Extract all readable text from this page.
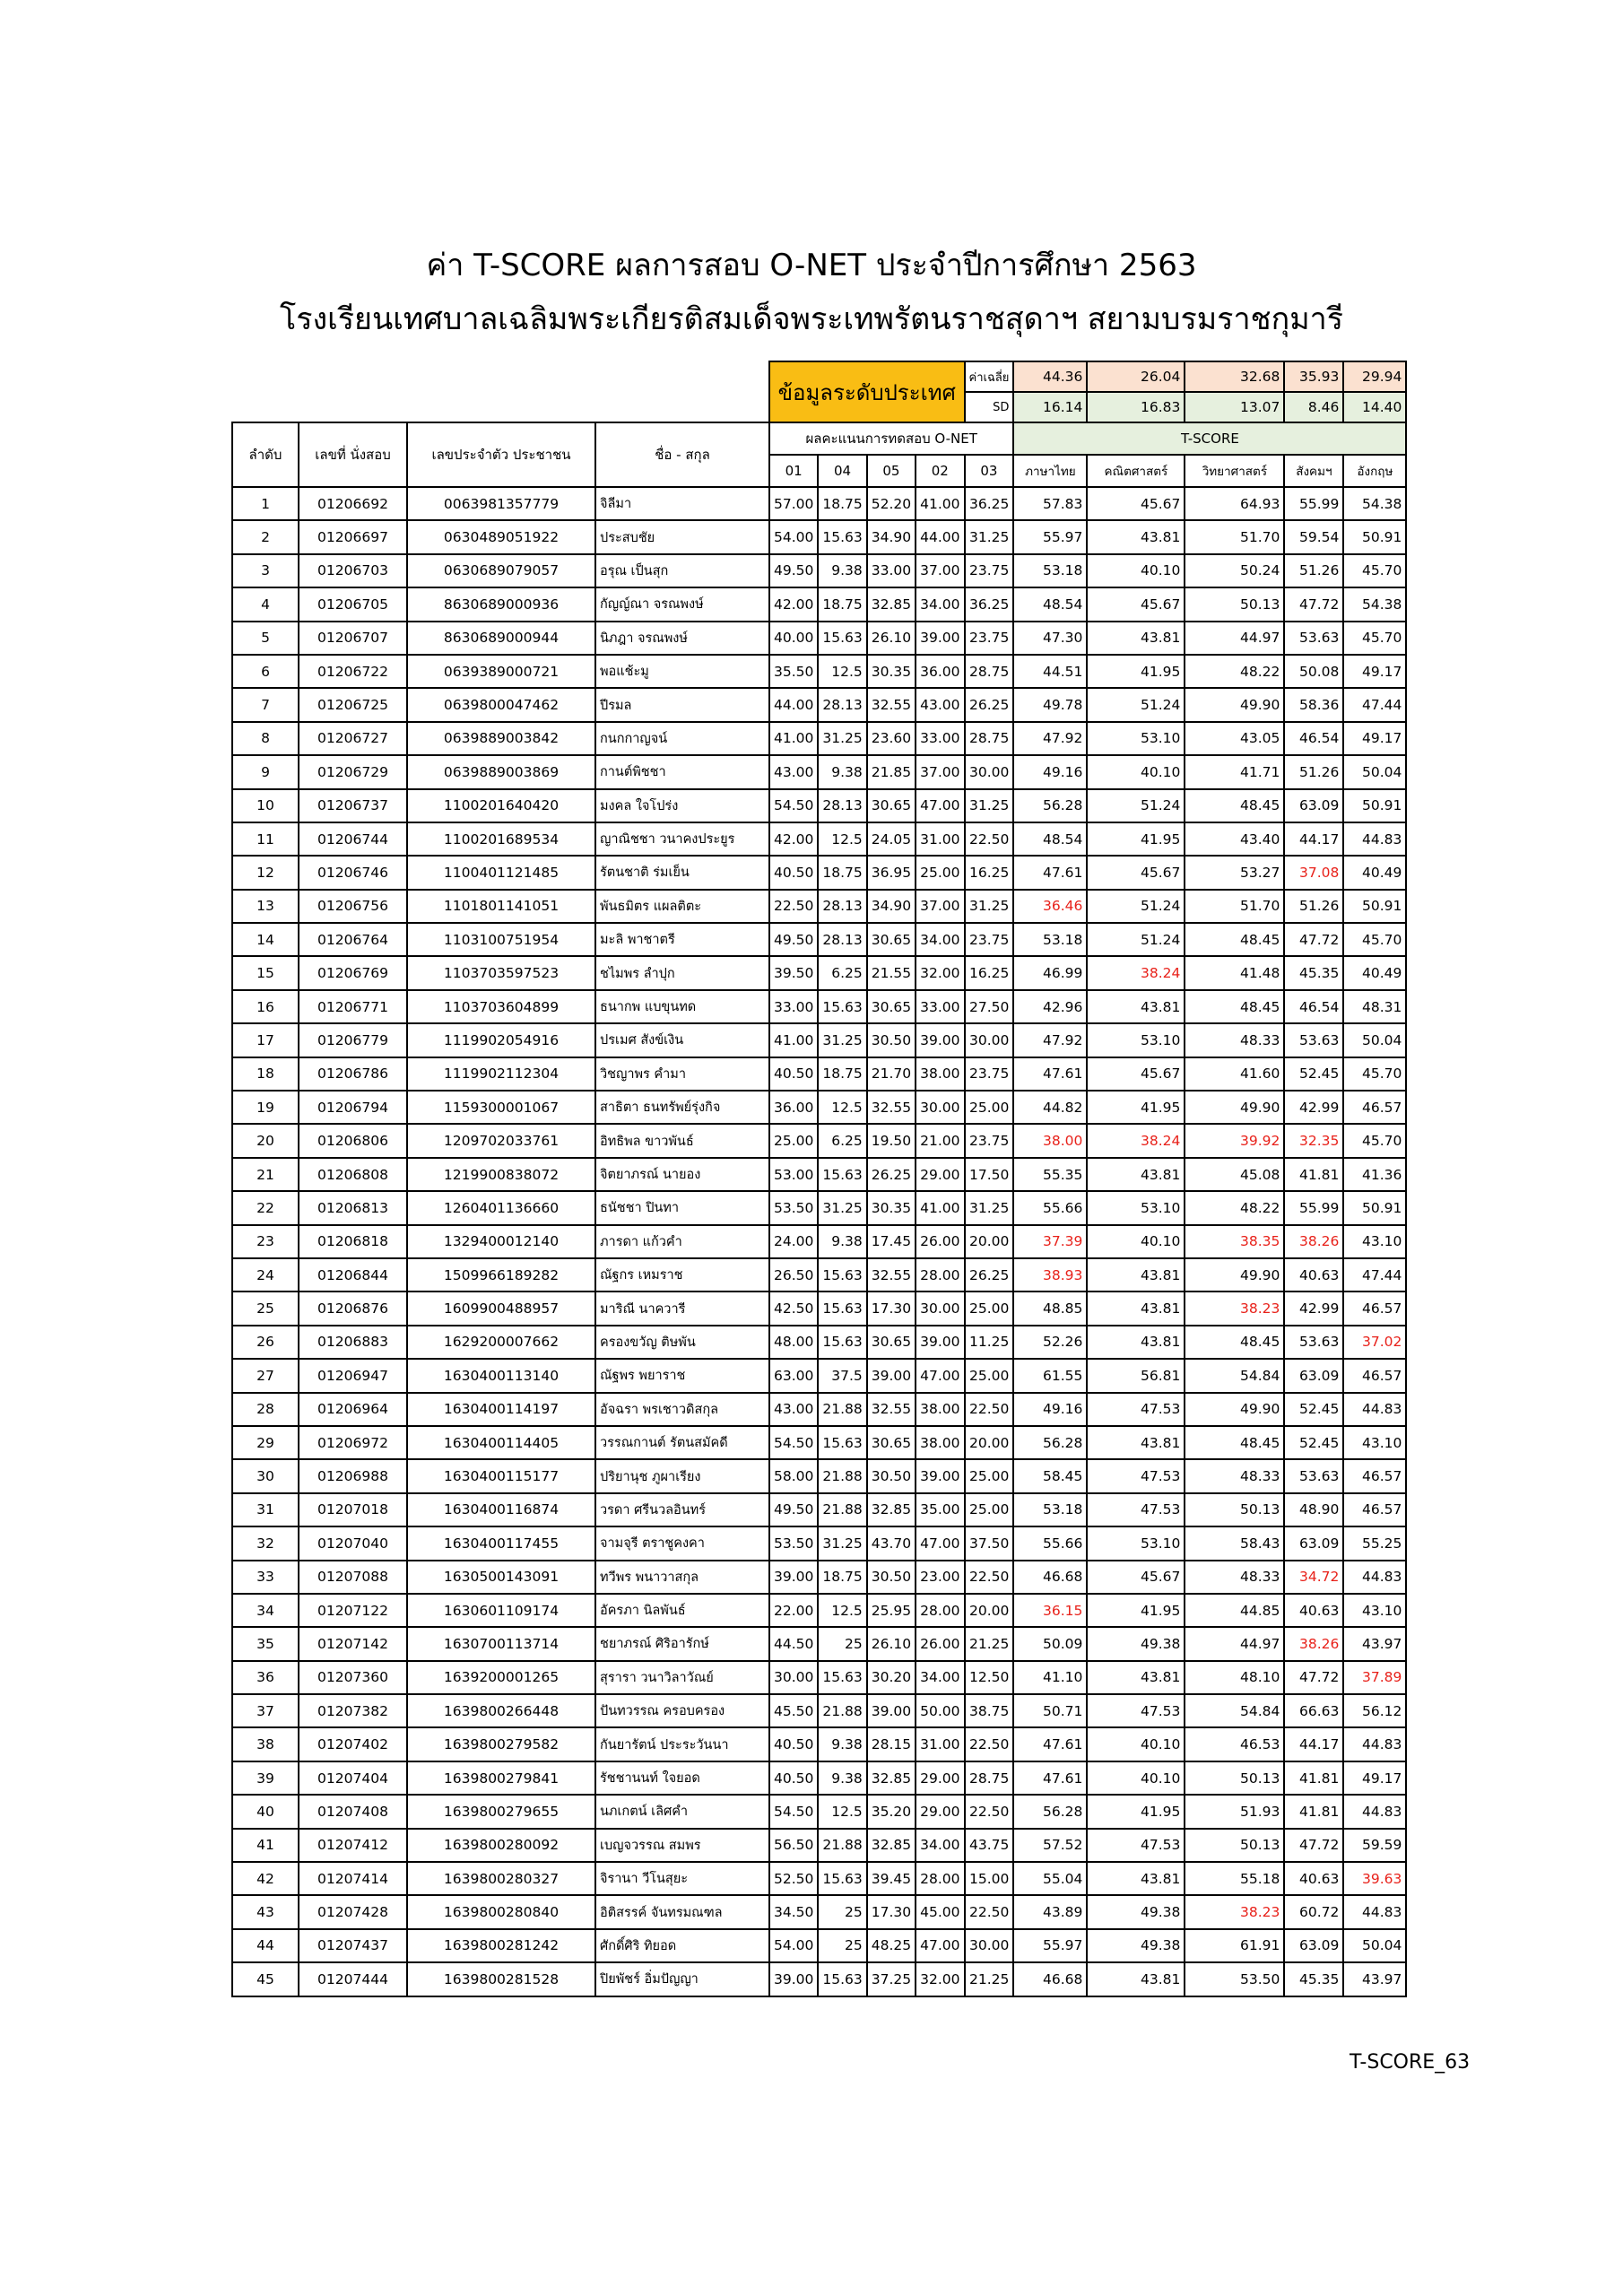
ค่า T-SCORE ผลการสอบ O-NET ประจำปีการศึกษา 2563
โรงเรียนเทศบาลเฉลิมพระเกียรติสมเด็จพระเทพรัตนราชสุดาฯ สยามบรมราชกุมารี
				ข้อมูลระดับประเทศ				ค่าเฉลี่ย	44.36	26.04	32.68	35.93	29.94
								SD	16.14	16.83	13.07	8.46	14.40
ลำดับ	เลขที่ นั่งสอบ	เลขประจำตัว ประชาชน	ชื่อ - สกุล	ผลคะแนนการทดสอบ O-NET					T-SCORE				
				01	04	05	02	03	ภาษาไทย	คณิตศาสตร์	วิทยาศาสตร์	สังคมฯ	อังกฤษ
1	01206692	0063981357779	จิลีมา	57.00	18.75	52.20	41.00	36.25	57.83	45.67	64.93	55.99	54.38
2	01206697	0630489051922	ประสบชัย	54.00	15.63	34.90	44.00	31.25	55.97	43.81	51.70	59.54	50.91
3	01206703	0630689079057	อรุณ เป็นสุก	49.50	9.38	33.00	37.00	23.75	53.18	40.10	50.24	51.26	45.70
4	01206705	8630689000936	กัญญ์ณา จรณพงษ์	42.00	18.75	32.85	34.00	36.25	48.54	45.67	50.13	47.72	54.38
5	01206707	8630689000944	นิภฎา จรณพงษ์	40.00	15.63	26.10	39.00	23.75	47.30	43.81	44.97	53.63	45.70
6	01206722	0639389000721	พอแช้ะมู	35.50	12.5	30.35	36.00	28.75	44.51	41.95	48.22	50.08	49.17
7	01206725	0639800047462	ปีรมล	44.00	28.13	32.55	43.00	26.25	49.78	51.24	49.90	58.36	47.44
8	01206727	0639889003842	กนกกาญจน์	41.00	31.25	23.60	33.00	28.75	47.92	53.10	43.05	46.54	49.17
9	01206729	0639889003869	กานต์พิชชา	43.00	9.38	21.85	37.00	30.00	49.16	40.10	41.71	51.26	50.04
10	01206737	1100201640420	มงคล ใจโปร่ง	54.50	28.13	30.65	47.00	31.25	56.28	51.24	48.45	63.09	50.91
11	01206744	1100201689534	ญาณิชชา วนาคงประยูร	42.00	12.5	24.05	31.00	22.50	48.54	41.95	43.40	44.17	44.83
12	01206746	1100401121485	รัตนชาติ ร่มเย็น	40.50	18.75	36.95	25.00	16.25	47.61	45.67	53.27	37.08	40.49
13	01206756	1101801141051	พันธมิตร แผลติตะ	22.50	28.13	34.90	37.00	31.25	36.46	51.24	51.70	51.26	50.91
14	01206764	1103100751954	มะลิ พาชาตรี	49.50	28.13	30.65	34.00	23.75	53.18	51.24	48.45	47.72	45.70
15	01206769	1103703597523	ชไมพร ลำปุก	39.50	6.25	21.55	32.00	16.25	46.99	38.24	41.48	45.35	40.49
16	01206771	1103703604899	ธนากพ แบขุนทด	33.00	15.63	30.65	33.00	27.50	42.96	43.81	48.45	46.54	48.31
17	01206779	1119902054916	ปรเมศ สังข์เงิน	41.00	31.25	30.50	39.00	30.00	47.92	53.10	48.33	53.63	50.04
18	01206786	1119902112304	วิชญาพร คำมา	40.50	18.75	21.70	38.00	23.75	47.61	45.67	41.60	52.45	45.70
19	01206794	1159300001067	สาธิตา ธนทรัพย์รุ่งกิจ	36.00	12.5	32.55	30.00	25.00	44.82	41.95	49.90	42.99	46.57
20	01206806	1209702033761	อิทธิพล ขาวพันธ์	25.00	6.25	19.50	21.00	23.75	38.00	38.24	39.92	32.35	45.70
21	01206808	1219900838072	จิตยาภรณ์ นายอง	53.00	15.63	26.25	29.00	17.50	55.35	43.81	45.08	41.81	41.36
22	01206813	1260401136660	ธนัชชา ปินทา	53.50	31.25	30.35	41.00	31.25	55.66	53.10	48.22	55.99	50.91
23	01206818	1329400012140	ภารดา แก้วคำ	24.00	9.38	17.45	26.00	20.00	37.39	40.10	38.35	38.26	43.10
24	01206844	1509966189282	ณัฐกร เหมราช	26.50	15.63	32.55	28.00	26.25	38.93	43.81	49.90	40.63	47.44
25	01206876	1609900488957	มาริณี นาควารี	42.50	15.63	17.30	30.00	25.00	48.85	43.81	38.23	42.99	46.57
26	01206883	1629200007662	ครองขวัญ ติษพัน	48.00	15.63	30.65	39.00	11.25	52.26	43.81	48.45	53.63	37.02
27	01206947	1630400113140	ณัฐพร พยาราช	63.00	37.5	39.00	47.00	25.00	61.55	56.81	54.84	63.09	46.57
28	01206964	1630400114197	อัจฉรา พรเชาวดิสกุล	43.00	21.88	32.55	38.00	22.50	49.16	47.53	49.90	52.45	44.83
29	01206972	1630400114405	วรรณกานต์ รัตนสมัคดี	54.50	15.63	30.65	38.00	20.00	56.28	43.81	48.45	52.45	43.10
30	01206988	1630400115177	ปริยานุช ภูผาเรียง	58.00	21.88	30.50	39.00	25.00	58.45	47.53	48.33	53.63	46.57
31	01207018	1630400116874	วรดา ศรีนวลอินทร์	49.50	21.88	32.85	35.00	25.00	53.18	47.53	50.13	48.90	46.57
32	01207040	1630400117455	จามจุรี ตราชูคงคา	53.50	31.25	43.70	47.00	37.50	55.66	53.10	58.43	63.09	55.25
33	01207088	1630500143091	ทวีพร พนาวาสกุล	39.00	18.75	30.50	23.00	22.50	46.68	45.67	48.33	34.72	44.83
34	01207122	1630601109174	อัครภา นิลพันธ์	22.00	12.5	25.95	28.00	20.00	36.15	41.95	44.85	40.63	43.10
35	01207142	1630700113714	ชยาภรณ์ ศิริอารักษ์	44.50	25	26.10	26.00	21.25	50.09	49.38	44.97	38.26	43.97
36	01207360	1639200001265	สุรารา วนาวิลาวัณย์	30.00	15.63	30.20	34.00	12.50	41.10	43.81	48.10	47.72	37.89
37	01207382	1639800266448	ปันทวรรณ ครอบครอง	45.50	21.88	39.00	50.00	38.75	50.71	47.53	54.84	66.63	56.12
38	01207402	1639800279582	กันยารัตน์ ประระวันนา	40.50	9.38	28.15	31.00	22.50	47.61	40.10	46.53	44.17	44.83
39	01207404	1639800279841	รัชชานนท์ ใจยอด	40.50	9.38	32.85	29.00	28.75	47.61	40.10	50.13	41.81	49.17
40	01207408	1639800279655	นภเกตน์ เลิศคำ	54.50	12.5	35.20	29.00	22.50	56.28	41.95	51.93	41.81	44.83
41	01207412	1639800280092	เบญจวรรณ สมพร	56.50	21.88	32.85	34.00	43.75	57.52	47.53	50.13	47.72	59.59
42	01207414	1639800280327	จิรานา วีโนสุยะ	52.50	15.63	39.45	28.00	15.00	55.04	43.81	55.18	40.63	39.63
43	01207428	1639800280840	อิติสรรค์ จันทรมณฑล	34.50	25	17.30	45.00	22.50	43.89	49.38	38.23	60.72	44.83
44	01207437	1639800281242	ศักดิ์ศิริ ทิยอด	54.00	25	48.25	47.00	30.00	55.97	49.38	61.91	63.09	50.04
45	01207444	1639800281528	ปิยพัชร์ อิ่มปัญญา	39.00	15.63	37.25	32.00	21.25	46.68	43.81	53.50	45.35	43.97
T-SCORE_63
